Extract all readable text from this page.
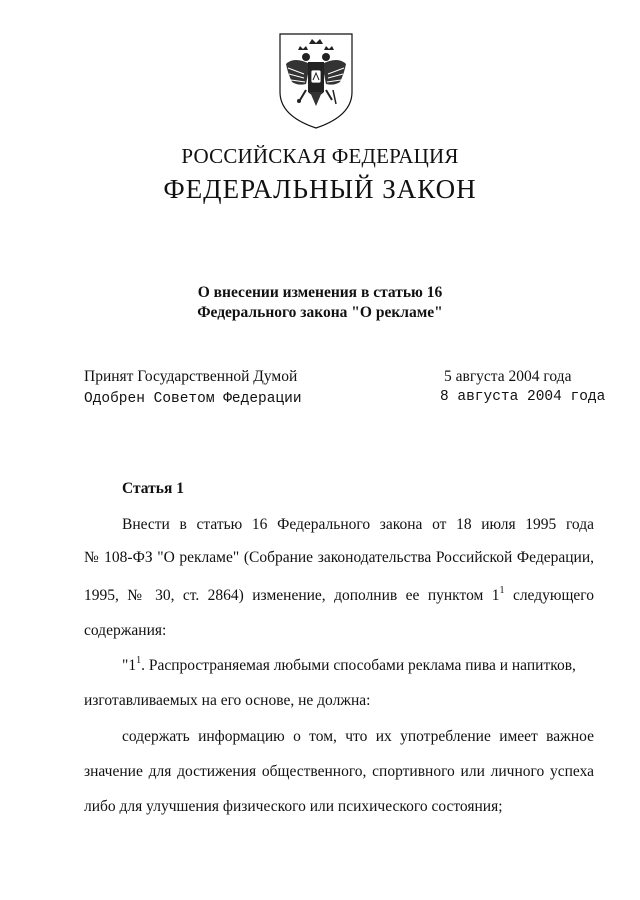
РОССИЙСКАЯ ФЕДЕРАЦИЯ
ФЕДЕРАЛЬНЫЙ ЗАКОН
О внесении изменения в статью 16
Федерального закона "О рекламе"
Принят Государственной Думой	5 августа 2004 года
Одобрен Советом Федерации	8 августа 2004 года
Статья 1
Внести в статью 16 Федерального закона от 18 июля 1995 года
№ 108-ФЗ "О рекламе" (Собрание законодательства Российской Федерации,
1995, № 30, ст. 2864) изменение, дополнив ее пунктом $1^1$ следующего
содержания:
"$1^1$. Распространяемая любыми способами реклама пива и напитков,
изготавливаемых на его основе, не должна:
содержать информацию о том, что их употребление имеет важное
значение для достижения общественного, спортивного или личного успеха
либо для улучшения физического или психического состояния;
